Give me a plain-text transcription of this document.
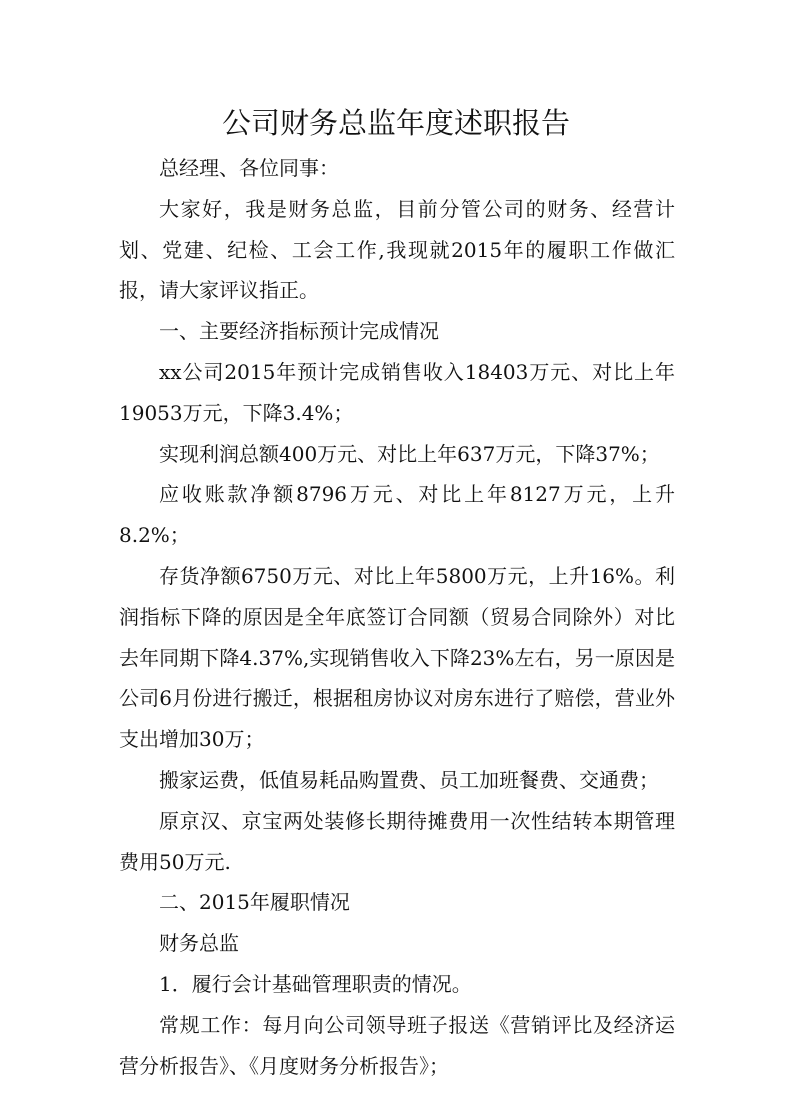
公司财务总监年度述职报告

总经理、各位同事：

大家好，我是财务总监，目前分管公司的财务、经营计划、党建、纪检、工会工作,我现就2015年的履职工作做汇报，请大家评议指正。

一、主要经济指标预计完成情况

xx公司2015年预计完成销售收入18403万元、对比上年19053万元，下降3.4%；

实现利润总额400万元、对比上年637万元，下降37%；

应收账款净额8796万元、对比上年8127万元，上升8.2%；

存货净额6750万元、对比上年5800万元，上升16%。利润指标下降的原因是全年底签订合同额（贸易合同除外）对比去年同期下降4.37%,实现销售收入下降23%左右，另一原因是公司6月份进行搬迁，根据租房协议对房东进行了赔偿，营业外支出增加30万；

搬家运费，低值易耗品购置费、员工加班餐费、交通费；

原京汉、京宝两处装修长期待摊费用一次性结转本期管理费用50万元.

二、2015年履职情况

财务总监

1．履行会计基础管理职责的情况。

常规工作：每月向公司领导班子报送《营销评比及经济运营分析报告》、《月度财务分析报告》；
